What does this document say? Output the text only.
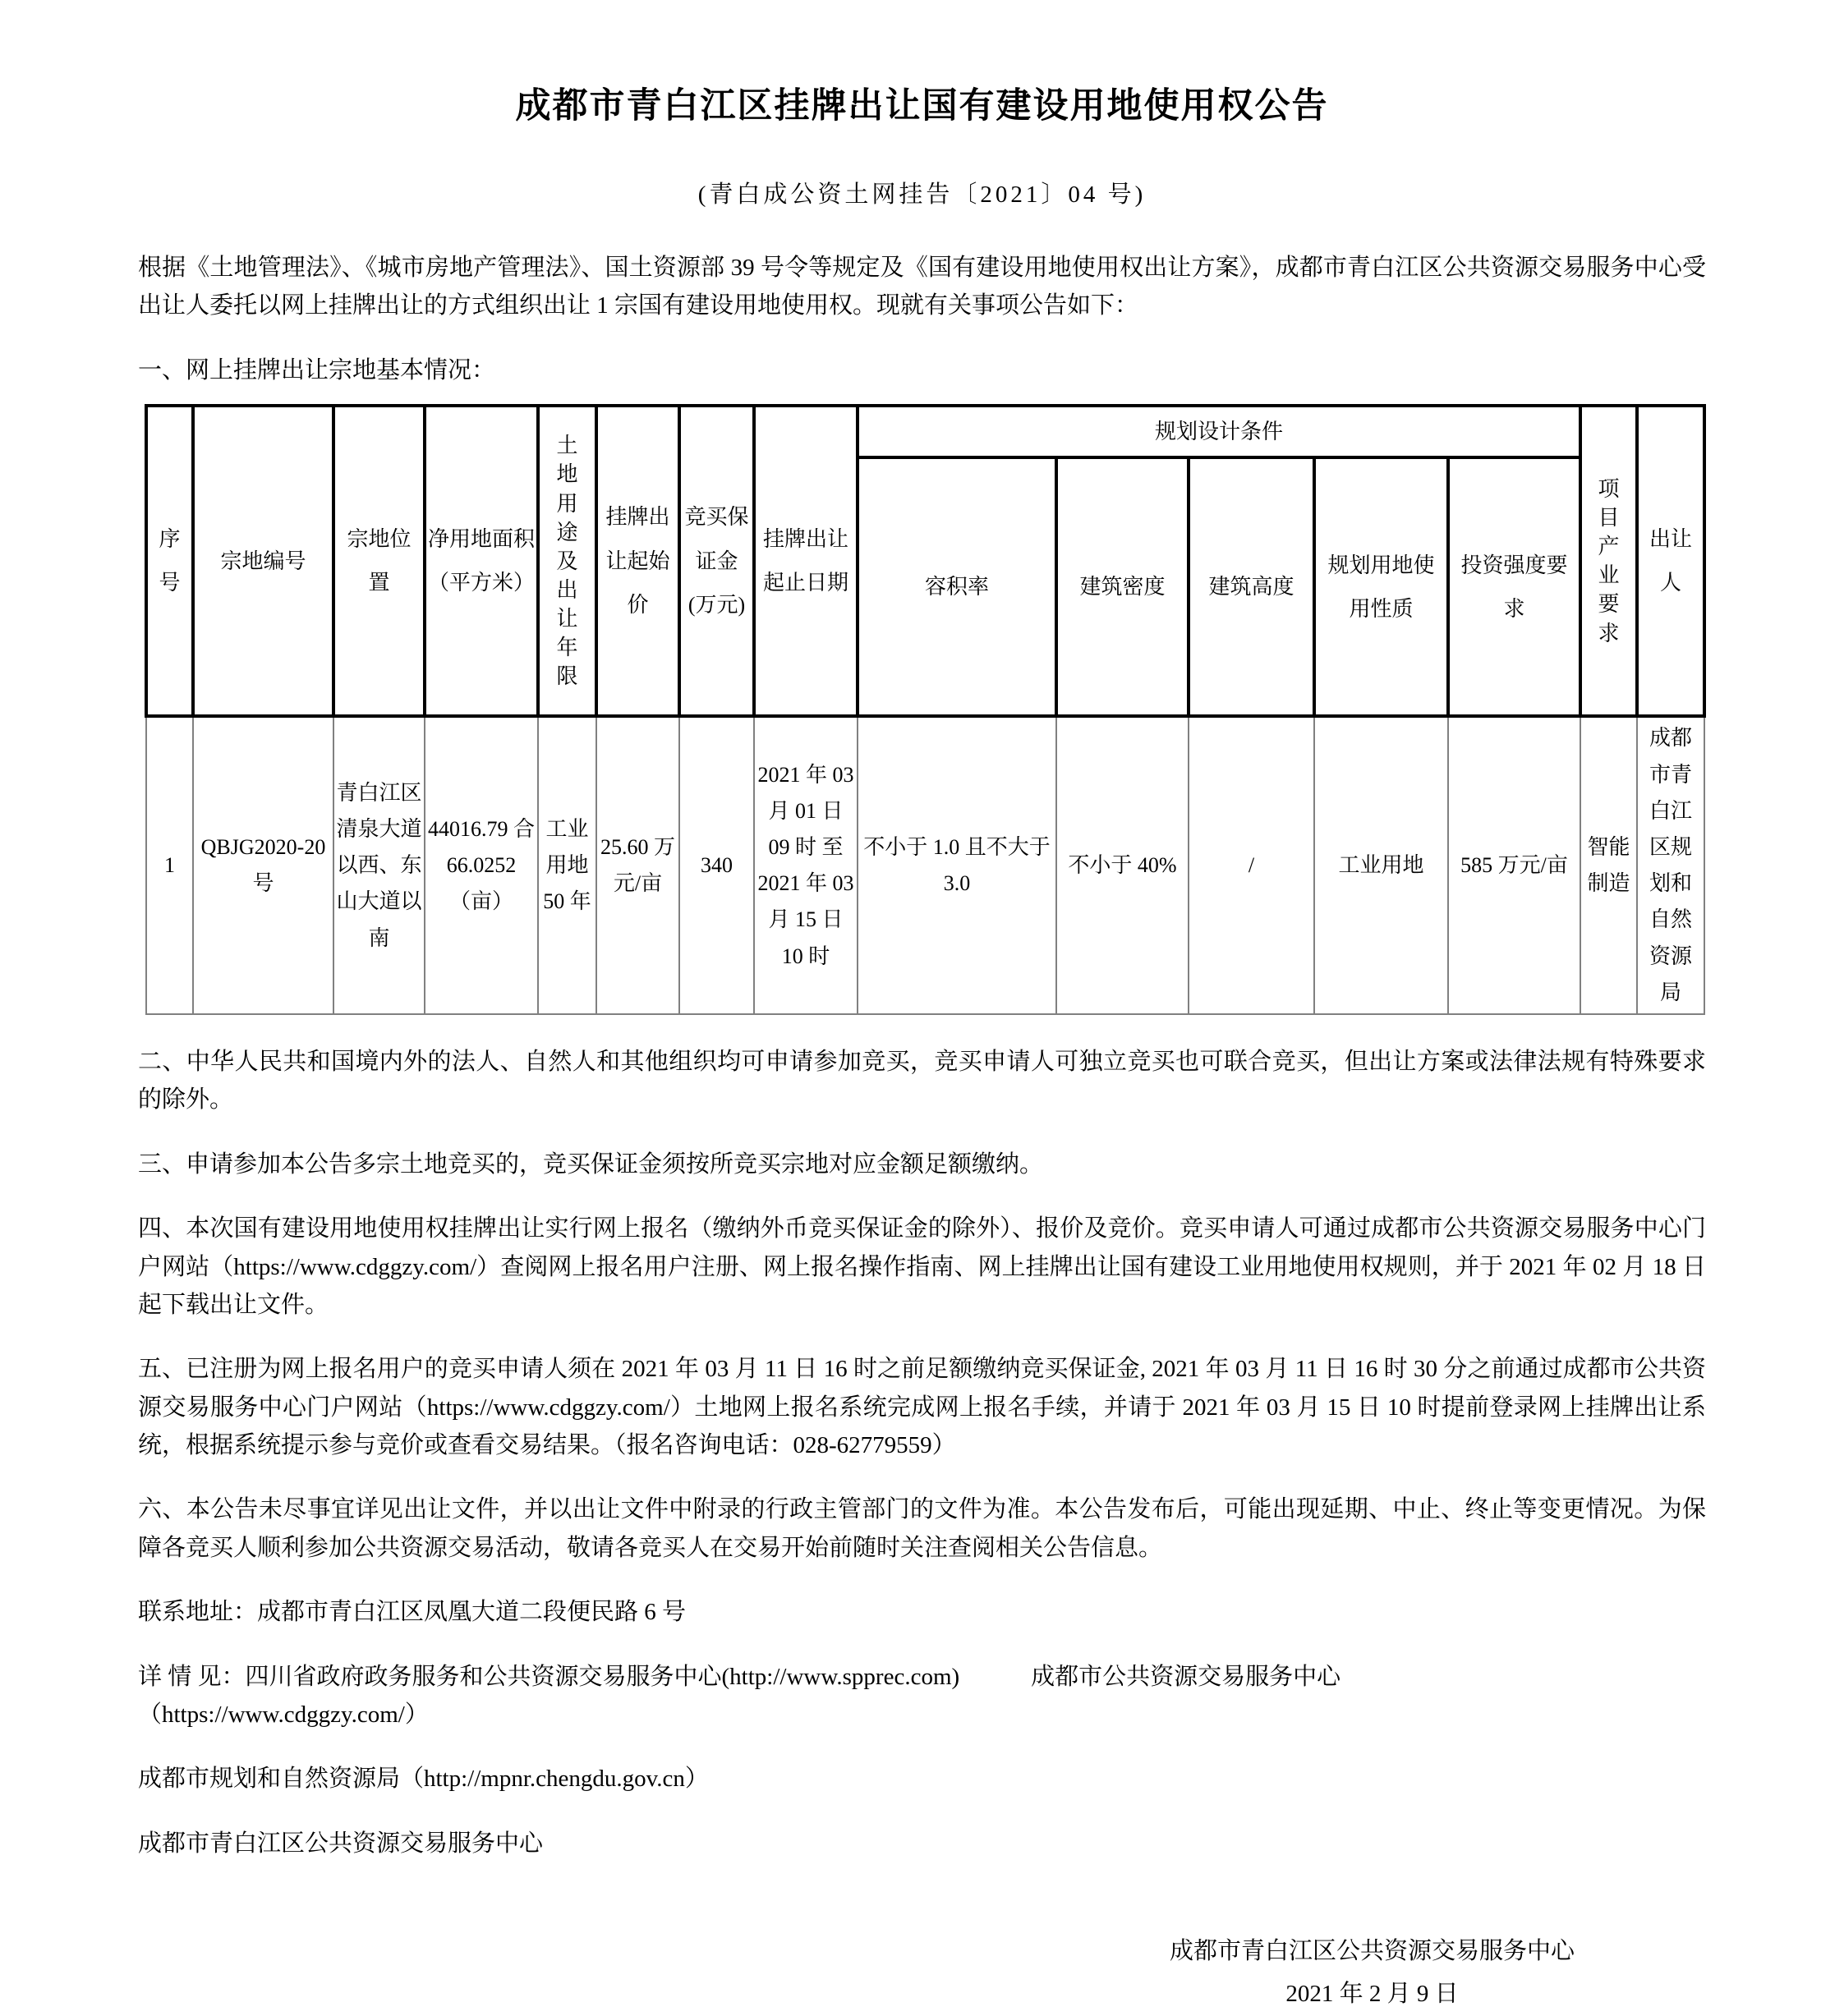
成都市青白江区挂牌出让国有建设用地使用权公告
(青白成公资土网挂告〔2021〕04 号)
根据《土地管理法》、《城市房地产管理法》、国土资源部 39 号令等规定及《国有建设用地使用权出让方案》，成都市青白江区公共资源交易服务中心受出让人委托以网上挂牌出让的方式组织出让 1 宗国有建设用地使用权。现就有关事项公告如下：
一、网上挂牌出让宗地基本情况：
序号	宗地编号	宗地位置	净用地面积（平方米）	土地用途及出让年限	挂牌出让起始价	竞买保证金(万元)	挂牌出让起止日期	规划设计条件					项目产业要求	出让人
								容积率	建筑密度	建筑高度	规划用地使用性质	投资强度要求		
1	QBJG2020-20 号	青白江区清泉大道以西、东山大道以南	44016.79 合 66.0252（亩）	工业用地 50 年	25.60 万元/亩	340	2021 年 03 月 01 日 09 时 至 2021 年 03 月 15 日 10 时	不小于 1.0 且不大于 3.0	不小于 40%	/	工业用地	585 万元/亩	智能制造	成都市青白江区规划和自然资源局
二、中华人民共和国境内外的法人、自然人和其他组织均可申请参加竞买，竞买申请人可独立竞买也可联合竞买，但出让方案或法律法规有特殊要求的除外。
三、申请参加本公告多宗土地竞买的，竞买保证金须按所竞买宗地对应金额足额缴纳。
四、本次国有建设用地使用权挂牌出让实行网上报名（缴纳外币竞买保证金的除外）、报价及竞价。竞买申请人可通过成都市公共资源交易服务中心门户网站（https://www.cdggzy.com/）查阅网上报名用户注册、网上报名操作指南、网上挂牌出让国有建设工业用地使用权规则，并于 2021 年 02 月 18 日起下载出让文件。
五、已注册为网上报名用户的竞买申请人须在 2021 年 03 月 11 日 16 时之前足额缴纳竞买保证金, 2021 年 03 月 11 日 16 时 30 分之前通过成都市公共资源交易服务中心门户网站（https://www.cdggzy.com/）土地网上报名系统完成网上报名手续，并请于 2021 年 03 月 15 日 10 时提前登录网上挂牌出让系统，根据系统提示参与竞价或查看交易结果。（报名咨询电话：028-62779559）
六、本公告未尽事宜详见出让文件，并以出让文件中附录的行政主管部门的文件为准。本公告发布后，可能出现延期、中止、终止等变更情况。为保障各竞买人顺利参加公共资源交易活动，敬请各竞买人在交易开始前随时关注查阅相关公告信息。
联系地址：成都市青白江区凤凰大道二段便民路 6 号
详 情 见：四川省政府政务服务和公共资源交易服务中心(http://www.spprec.com)　　　成都市公共资源交易服务中心
（https://www.cdggzy.com/）
成都市规划和自然资源局（http://mpnr.chengdu.gov.cn）
成都市青白江区公共资源交易服务中心
成都市青白江区公共资源交易服务中心
2021 年 2 月 9 日
